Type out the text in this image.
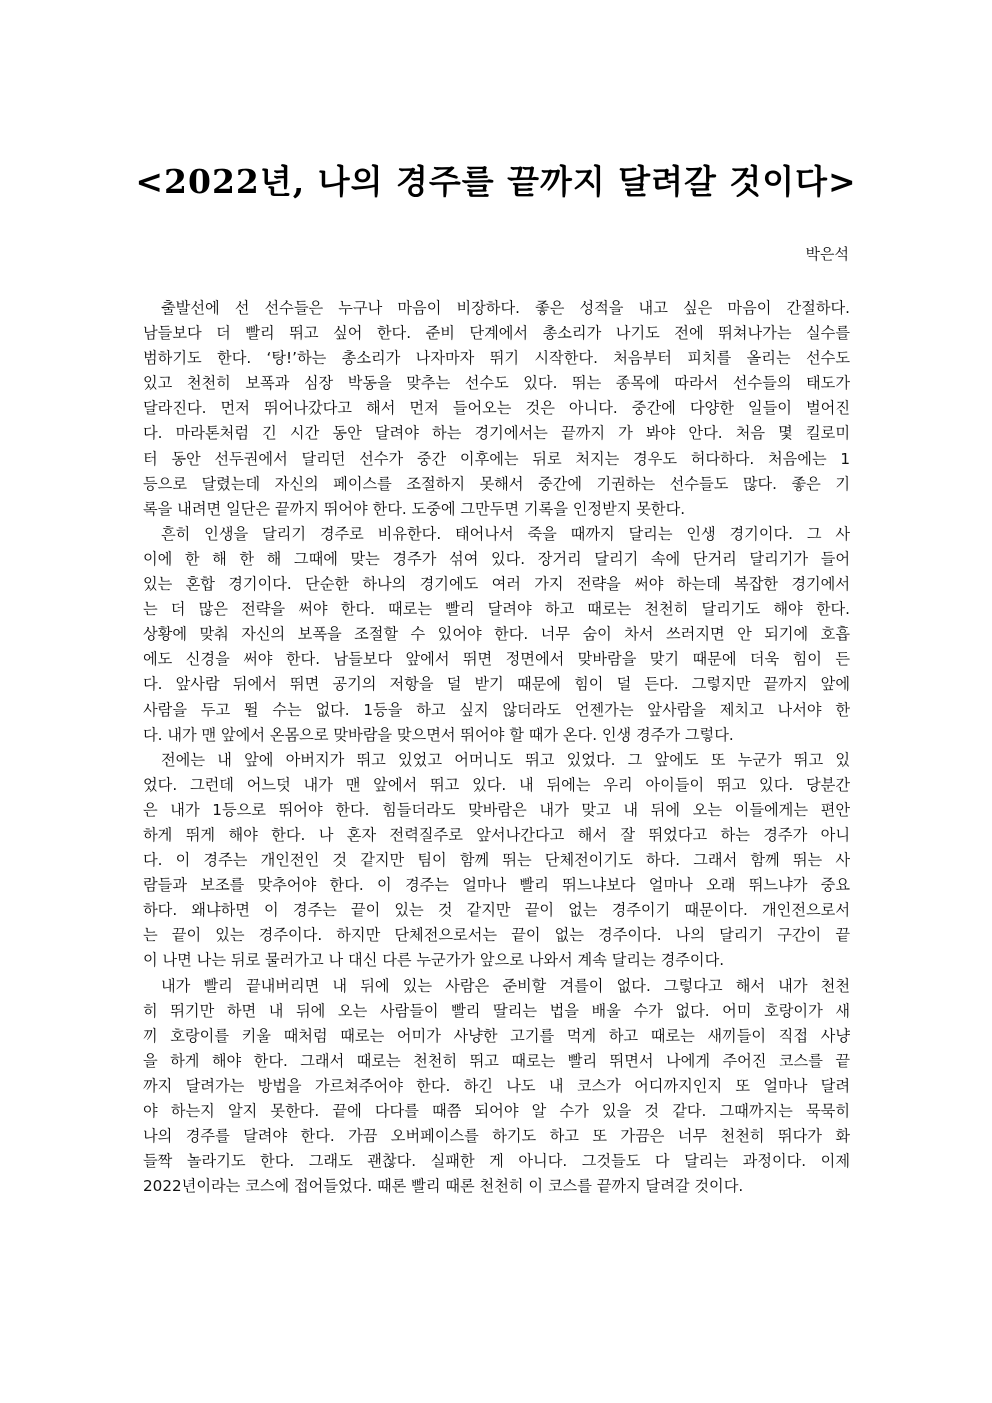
<2022년, 나의 경주를 끝까지 달려갈 것이다>
박은석
출발선에 선 선수들은 누구나 마음이 비장하다. 좋은 성적을 내고 싶은 마음이 간절하다.
남들보다 더 빨리 뛰고 싶어 한다. 준비 단계에서 총소리가 나기도 전에 뛰쳐나가는 실수를
범하기도 한다. ‘탕!’하는 총소리가 나자마자 뛰기 시작한다. 처음부터 피치를 올리는 선수도
있고 천천히 보폭과 심장 박동을 맞추는 선수도 있다. 뛰는 종목에 따라서 선수들의 태도가
달라진다. 먼저 뛰어나갔다고 해서 먼저 들어오는 것은 아니다. 중간에 다양한 일들이 벌어진
다. 마라톤처럼 긴 시간 동안 달려야 하는 경기에서는 끝까지 가 봐야 안다. 처음 몇 킬로미
터 동안 선두권에서 달리던 선수가 중간 이후에는 뒤로 처지는 경우도 허다하다. 처음에는 1
등으로 달렸는데 자신의 페이스를 조절하지 못해서 중간에 기권하는 선수들도 많다. 좋은 기
록을 내려면 일단은 끝까지 뛰어야 한다. 도중에 그만두면 기록을 인정받지 못한다.
흔히 인생을 달리기 경주로 비유한다. 태어나서 죽을 때까지 달리는 인생 경기이다. 그 사
이에 한 해 한 해 그때에 맞는 경주가 섞여 있다. 장거리 달리기 속에 단거리 달리기가 들어
있는 혼합 경기이다. 단순한 하나의 경기에도 여러 가지 전략을 써야 하는데 복잡한 경기에서
는 더 많은 전략을 써야 한다. 때로는 빨리 달려야 하고 때로는 천천히 달리기도 해야 한다.
상황에 맞춰 자신의 보폭을 조절할 수 있어야 한다. 너무 숨이 차서 쓰러지면 안 되기에 호흡
에도 신경을 써야 한다. 남들보다 앞에서 뛰면 정면에서 맞바람을 맞기 때문에 더욱 힘이 든
다. 앞사람 뒤에서 뛰면 공기의 저항을 덜 받기 때문에 힘이 덜 든다. 그렇지만 끝까지 앞에
사람을 두고 뛸 수는 없다. 1등을 하고 싶지 않더라도 언젠가는 앞사람을 제치고 나서야 한
다. 내가 맨 앞에서 온몸으로 맞바람을 맞으면서 뛰어야 할 때가 온다. 인생 경주가 그렇다.
전에는 내 앞에 아버지가 뛰고 있었고 어머니도 뛰고 있었다. 그 앞에도 또 누군가 뛰고 있
었다. 그런데 어느덧 내가 맨 앞에서 뛰고 있다. 내 뒤에는 우리 아이들이 뛰고 있다. 당분간
은 내가 1등으로 뛰어야 한다. 힘들더라도 맞바람은 내가 맞고 내 뒤에 오는 이들에게는 편안
하게 뛰게 해야 한다. 나 혼자 전력질주로 앞서나간다고 해서 잘 뛰었다고 하는 경주가 아니
다. 이 경주는 개인전인 것 같지만 팀이 함께 뛰는 단체전이기도 하다. 그래서 함께 뛰는 사
람들과 보조를 맞추어야 한다. 이 경주는 얼마나 빨리 뛰느냐보다 얼마나 오래 뛰느냐가 중요
하다. 왜냐하면 이 경주는 끝이 있는 것 같지만 끝이 없는 경주이기 때문이다. 개인전으로서
는 끝이 있는 경주이다. 하지만 단체전으로서는 끝이 없는 경주이다. 나의 달리기 구간이 끝
이 나면 나는 뒤로 물러가고 나 대신 다른 누군가가 앞으로 나와서 계속 달리는 경주이다.
내가 빨리 끝내버리면 내 뒤에 있는 사람은 준비할 겨를이 없다. 그렇다고 해서 내가 천천
히 뛰기만 하면 내 뒤에 오는 사람들이 빨리 딸리는 법을 배울 수가 없다. 어미 호랑이가 새
끼 호랑이를 키울 때처럼 때로는 어미가 사냥한 고기를 먹게 하고 때로는 새끼들이 직접 사냥
을 하게 해야 한다. 그래서 때로는 천천히 뛰고 때로는 빨리 뛰면서 나에게 주어진 코스를 끝
까지 달려가는 방법을 가르쳐주어야 한다. 하긴 나도 내 코스가 어디까지인지 또 얼마나 달려
야 하는지 알지 못한다. 끝에 다다를 때쯤 되어야 알 수가 있을 것 같다. 그때까지는 묵묵히
나의 경주를 달려야 한다. 가끔 오버페이스를 하기도 하고 또 가끔은 너무 천천히 뛰다가 화
들짝 놀라기도 한다. 그래도 괜찮다. 실패한 게 아니다. 그것들도 다 달리는 과정이다. 이제
2022년이라는 코스에 접어들었다. 때론 빨리 때론 천천히 이 코스를 끝까지 달려갈 것이다.
